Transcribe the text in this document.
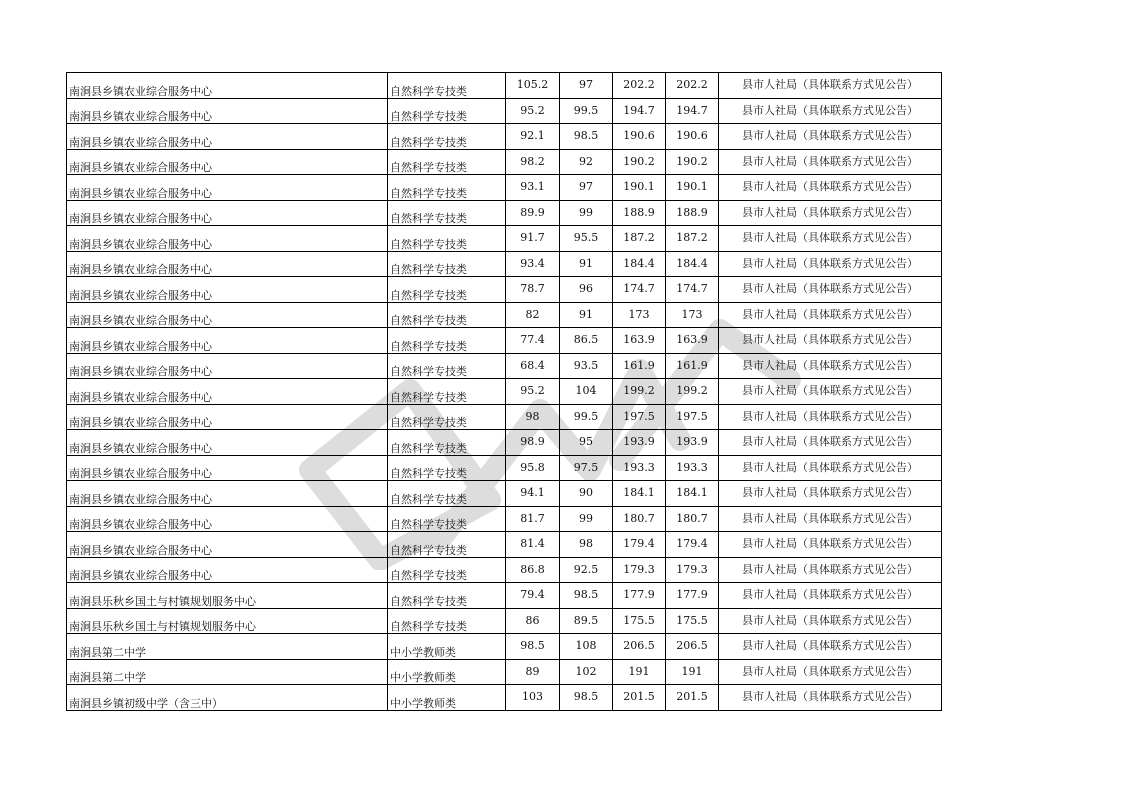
南涧县乡镇农业综合服务中心	自然科学专技类	105.2	97	202.2	202.2	县市人社局（具体联系方式见公告）
南涧县乡镇农业综合服务中心	自然科学专技类	95.2	99.5	194.7	194.7	县市人社局（具体联系方式见公告）
南涧县乡镇农业综合服务中心	自然科学专技类	92.1	98.5	190.6	190.6	县市人社局（具体联系方式见公告）
南涧县乡镇农业综合服务中心	自然科学专技类	98.2	92	190.2	190.2	县市人社局（具体联系方式见公告）
南涧县乡镇农业综合服务中心	自然科学专技类	93.1	97	190.1	190.1	县市人社局（具体联系方式见公告）
南涧县乡镇农业综合服务中心	自然科学专技类	89.9	99	188.9	188.9	县市人社局（具体联系方式见公告）
南涧县乡镇农业综合服务中心	自然科学专技类	91.7	95.5	187.2	187.2	县市人社局（具体联系方式见公告）
南涧县乡镇农业综合服务中心	自然科学专技类	93.4	91	184.4	184.4	县市人社局（具体联系方式见公告）
南涧县乡镇农业综合服务中心	自然科学专技类	78.7	96	174.7	174.7	县市人社局（具体联系方式见公告）
南涧县乡镇农业综合服务中心	自然科学专技类	82	91	173	173	县市人社局（具体联系方式见公告）
南涧县乡镇农业综合服务中心	自然科学专技类	77.4	86.5	163.9	163.9	县市人社局（具体联系方式见公告）
南涧县乡镇农业综合服务中心	自然科学专技类	68.4	93.5	161.9	161.9	县市人社局（具体联系方式见公告）
南涧县乡镇农业综合服务中心	自然科学专技类	95.2	104	199.2	199.2	县市人社局（具体联系方式见公告）
南涧县乡镇农业综合服务中心	自然科学专技类	98	99.5	197.5	197.5	县市人社局（具体联系方式见公告）
南涧县乡镇农业综合服务中心	自然科学专技类	98.9	95	193.9	193.9	县市人社局（具体联系方式见公告）
南涧县乡镇农业综合服务中心	自然科学专技类	95.8	97.5	193.3	193.3	县市人社局（具体联系方式见公告）
南涧县乡镇农业综合服务中心	自然科学专技类	94.1	90	184.1	184.1	县市人社局（具体联系方式见公告）
南涧县乡镇农业综合服务中心	自然科学专技类	81.7	99	180.7	180.7	县市人社局（具体联系方式见公告）
南涧县乡镇农业综合服务中心	自然科学专技类	81.4	98	179.4	179.4	县市人社局（具体联系方式见公告）
南涧县乡镇农业综合服务中心	自然科学专技类	86.8	92.5	179.3	179.3	县市人社局（具体联系方式见公告）
南涧县乐秋乡国土与村镇规划服务中心	自然科学专技类	79.4	98.5	177.9	177.9	县市人社局（具体联系方式见公告）
南涧县乐秋乡国土与村镇规划服务中心	自然科学专技类	86	89.5	175.5	175.5	县市人社局（具体联系方式见公告）
南涧县第二中学	中小学教师类	98.5	108	206.5	206.5	县市人社局（具体联系方式见公告）
南涧县第二中学	中小学教师类	89	102	191	191	县市人社局（具体联系方式见公告）
南涧县乡镇初级中学（含三中）	中小学教师类	103	98.5	201.5	201.5	县市人社局（具体联系方式见公告）
